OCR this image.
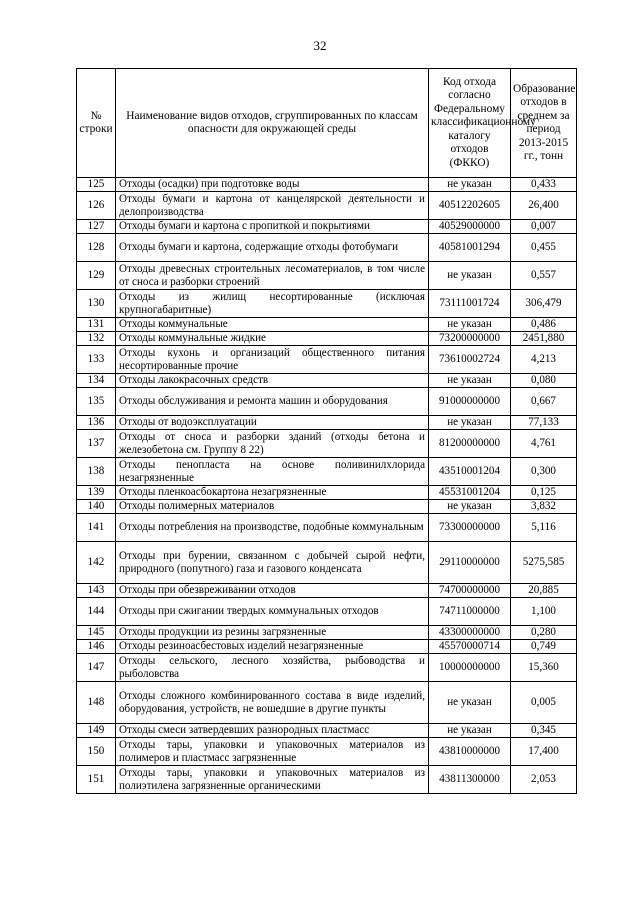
32
№ строки	Наименование видов отходов, сгруппированных по классам опасности для окружающей среды	Код отхода согласно Федеральному классификационному каталогу отходов (ФККО)	Образование отходов в среднем за период 2013-2015 гг., тонн
125	Отходы (осадки) при подготовке воды	не указан	0,433
126	Отходы бумаги и картона от канцелярской деятельности и делопроизводства	40512202605	26,400
127	Отходы бумаги и картона с пропиткой и покрытиями	40529000000	0,007
128	Отходы бумаги и картона, содержащие отходы фотобумаги	40581001294	0,455
129	Отходы древесных строительных лесоматериалов, в том числе от сноса и разборки строений	не указан	0,557
130	Отходы из жилищ несортированные (исключая крупногабаритные)	73111001724	306,479
131	Отходы коммунальные	не указан	0,486
132	Отходы коммунальные жидкие	73200000000	2451,880
133	Отходы кухонь и организаций общественного питания несортированные прочие	73610002724	4,213
134	Отходы лакокрасочных средств	не указан	0,080
135	Отходы обслуживания и ремонта машин и оборудования	91000000000	0,667
136	Отходы от водоэксплуатации	не указан	77,133
137	Отходы от сноса и разборки зданий (отходы бетона и железобетона см. Группу 8 22)	81200000000	4,761
138	Отходы пенопласта на основе поливинилхлорида незагрязненные	43510001204	0,300
139	Отходы пленкоасбокартона незагрязненные	45531001204	0,125
140	Отходы полимерных материалов	не указан	3,832
141	Отходы потребления на производстве, подобные коммунальным	73300000000	5,116
142	Отходы при бурении, связанном с добычей сырой нефти, природного (попутного) газа и газового конденсата	29110000000	5275,585
143	Отходы при обезвреживании отходов	74700000000	20,885
144	Отходы при сжигании твердых коммунальных отходов	74711000000	1,100
145	Отходы продукции из резины загрязненные	43300000000	0,280
146	Отходы резиноасбестовых изделий незагрязненные	45570000714	0,749
147	Отходы сельского, лесного хозяйства, рыбоводства и рыболовства	10000000000	15,360
148	Отходы сложного комбинированного состава в виде изделий, оборудования, устройств, не вошедшие в другие пункты	не указан	0,005
149	Отходы смеси затвердевших разнородных пластмасс	не указан	0,345
150	Отходы тары, упаковки и упаковочных материалов из полимеров и пластмасс загрязненные	43810000000	17,400
151	Отходы тары, упаковки и упаковочных материалов из полиэтилена загрязненные органическими	43811300000	2,053
